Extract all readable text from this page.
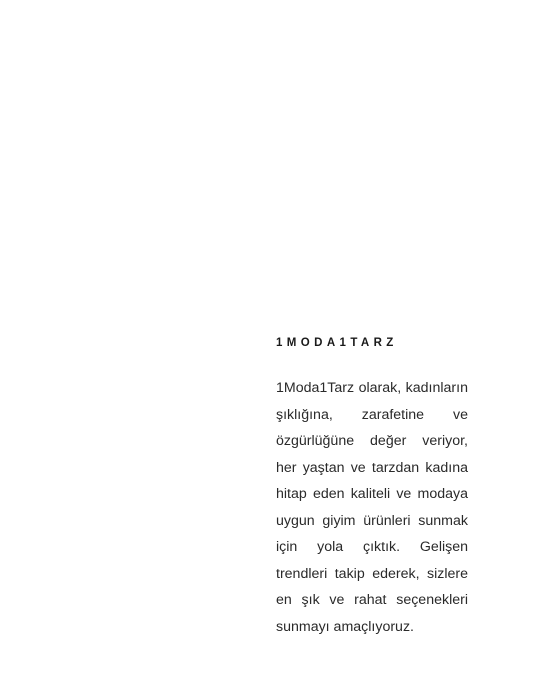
1MODA1TARZ

1Moda1Tarz olarak, kadınların şıklığına, zarafetine ve özgürlüğüne değer veriyor, her yaştan ve tarzdan kadına hitap eden kaliteli ve modaya uygun giyim ürünleri sunmak için yola çıktık. Gelişen trendleri takip ederek, sizlere en şık ve rahat seçenekleri sunmayı amaçlıyoruz.
